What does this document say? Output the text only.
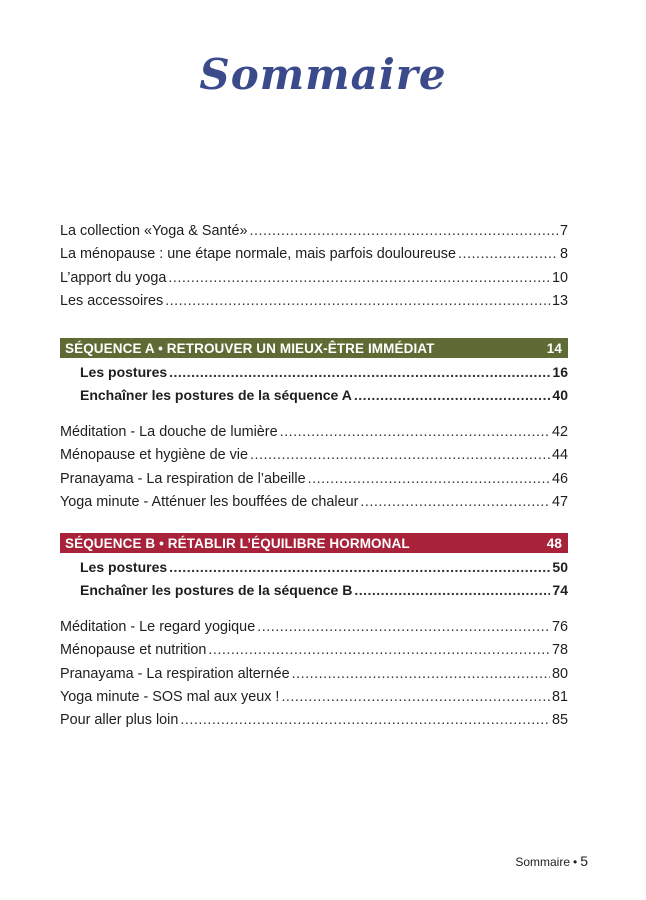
Sommaire
La collection «Yoga & Santé» .....	7
La ménopause : une étape normale, mais parfois douloureuse .....	8
L’apport du yoga .....	10
Les accessoires .....	13
SÉQUENCE A • RETROUVER UN MIEUX-ÊTRE IMMÉDIAT	14
Les postures .....	16
Enchaîner les postures de la séquence A .....	40
Méditation - La douche de lumière .....	42
Ménopause et hygiène de vie .....	44
Pranayama - La respiration de l’abeille .....	46
Yoga minute - Atténuer les bouffées de chaleur .....	47
SÉQUENCE B • RÉTABLIR L’ÉQUILIBRE HORMONAL	48
Les postures .....	50
Enchaîner les postures de la séquence B .....	74
Méditation - Le regard yogique .....	76
Ménopause et nutrition .....	78
Pranayama - La respiration alternée .....	80
Yoga minute - SOS mal aux yeux ! .....	81
Pour aller plus loin .....	85
Sommaire • 5
